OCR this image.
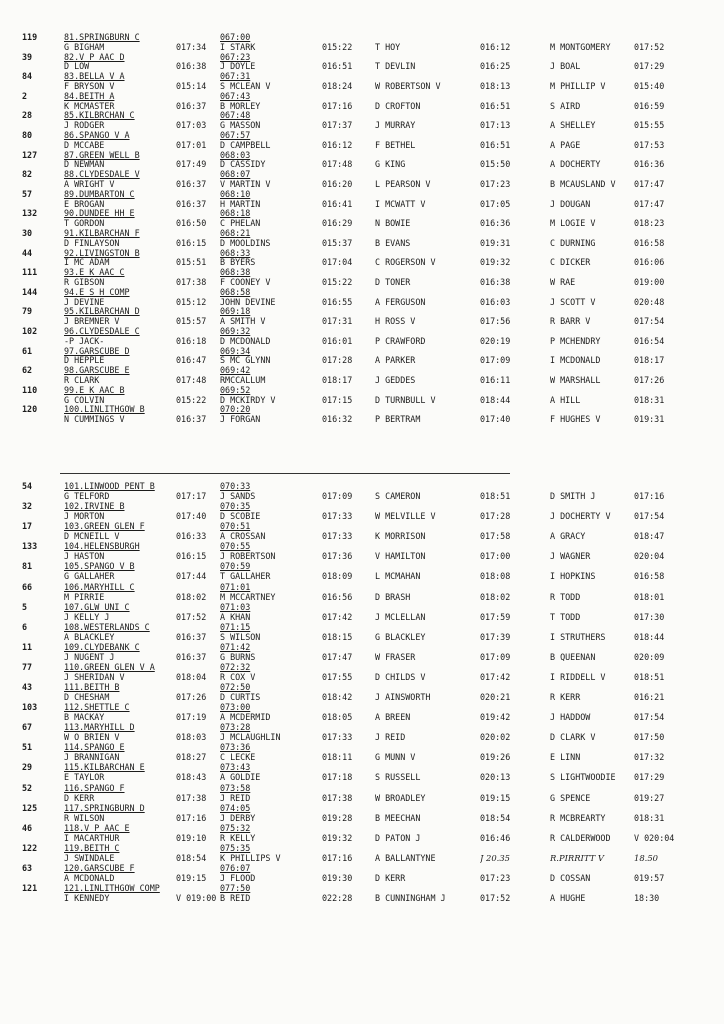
119	81.SPRINGBURN C	067:00
G BIGHAM	017:34	I STARK	015:22	T HOY	016:12	M MONTGOMERY	017:52
39	82.V P AAC D	067:23
D LOW	016:38	J DOYLE	016:51	T DEVLIN	016:25	J BOAL	017:29
84	83.BELLA V A	067:31
F BRYSON V	015:14	S MCLEAN V	018:24	W ROBERTSON V	018:13	M PHILLIP V	015:40
2	84.BEITH A	067:43
K MCMASTER	016:37	B MORLEY	017:16	D CROFTON	016:51	S AIRD	016:59
28	85.KILBRCHAN C	067:48
J RODGER	017:03	G MASSON	017:37	J MURRAY	017:13	A SHELLEY	015:55
80	86.SPANGO V A	067:57
D MCCABE	017:01	D CAMPBELL	016:12	F BETHEL	016:51	A PAGE	017:53
127	87.GREEN WELL B	068:03
D NEWMAN	017:49	D CASSIDY	017:48	G KING	015:50	A DOCHERTY	016:36
82	88.CLYDESDALE V	068:07
A WRIGHT V	016:37	V MARTIN V	016:20	L PEARSON V	017:23	B MCAUSLAND V	017:47
57	89.DUMBARTON C	068:10
E BROGAN	016:37	H MARTIN	016:41	I MCWATT V	017:05	J DOUGAN	017:47
132	90.DUNDEE HH E	068:18
T GORDON	016:50	C PHELAN	016:29	N BOWIE	016:36	M LOGIE V	018:23
30	91.KILBARCHAN F	068:21
D FINLAYSON	016:15	D MOOLDINS	015:37	B EVANS	019:31	C DURNING	016:58
44	92.LIVINGSTON B	068:33
I MC ADAM	015:51	B BYERS	017:04	C ROGERSON V	019:32	C DICKER	016:06
111	93.E K AAC C	068:38
R GIBSON	017:38	F COONEY V	015:22	D TONER	016:38	W RAE	019:00
144	94.E S H COMP	068:58
J DEVINE	015:12	JOHN DEVINE	016:55	A FERGUSON	016:03	J SCOTT V	020:48
79	95.KILBARCHAN D	069:18
J BREMNER V	015:57	A SMITH V	017:31	H ROSS V	017:56	R BARR V	017:54
102	96.CLYDESDALE C	069:32
-P JACK-	016:18	D MCDONALD	016:01	P CRAWFORD	020:19	P MCHENDRY	016:54
61	97.GARSCUBE D	069:34
D HEPPLE	016:47	S MC GLYNN	017:28	A PARKER	017:09	I MCDONALD	018:17
62	98.GARSCUBE E	069:42
R CLARK	017:48	RMCCALLUM	018:17	J GEDDES	016:11	W MARSHALL	017:26
110	99.E K AAC B	069:52
G COLVIN	015:22	D MCKIRDY V	017:15	D TURNBULL V	018:44	A HILL	018:31
120	100.LINLITHGOW B	070:20
N CUMMINGS V	016:37	J FORGAN	016:32	P BERTRAM	017:40	F HUGHES V	019:31
54	101.LINWOOD PENT B	070:33
G TELFORD	017:17	J SANDS	017:09	S CAMERON	018:51	D SMITH J	017:16
32	102.IRVINE B	070:35
J MORTON	017:40	D SCOBIE	017:33	W MELVILLE V	017:28	J DOCHERTY V	017:54
17	103.GREEN GLEN F	070:51
D MCNEILL V	016:33	A CROSSAN	017:33	K MORRISON	017:58	A GRACY	018:47
133	104.HELENSBURGH	070:55
J HASTON	016:15	J ROBERTSON	017:36	V HAMILTON	017:00	J WAGNER	020:04
81	105.SPANGO V B	070:59
G GALLAHER	017:44	T GALLAHER	018:09	L MCMAHAN	018:08	I HOPKINS	016:58
66	106.MARYHILL C	071:01
M PIRRIE	018:02	M MCCARTNEY	016:56	D BRASH	018:02	R TODD	018:01
5	107.GLW UNI C	071:03
J KELLY J	017:52	A KHAN	017:42	J MCLELLAN	017:59	T TODD	017:30
6	108.WESTERLANDS C	071:15
A BLACKLEY	016:37	S WILSON	018:15	G BLACKLEY	017:39	I STRUTHERS	018:44
11	109.CLYDEBANK C	071:42
J NUGENT J	016:37	G BURNS	017:47	W FRASER	017:09	B QUEENAN	020:09
77	110.GREEN GLEN V A	072:32
J SHERIDAN V	018:04	R COX V	017:55	D CHILDS V	017:42	I RIDDELL V	018:51
43	111.BEITH B	072:50
D CHESHAM	017:26	D CURTIS	018:42	J AINSWORTH	020:21	R KERR	016:21
103	112.SHETTLE C	073:00
B MACKAY	017:19	A MCDERMID	018:05	A BREEN	019:42	J HADDOW	017:54
67	113.MARYHILL D	073:28
W O BRIEN V	018:03	J MCLAUGHLIN	017:33	J REID	020:02	D CLARK V	017:50
51	114.SPANGO E	073:36
J BRANNIGAN	018:27	C LECKE	018:11	G MUNN V	019:26	E LINN	017:32
29	115.KILBARCHAN E	073:43
E TAYLOR	018:43	A GOLDIE	017:18	S RUSSELL	020:13	S LIGHTWOODIE	017:29
52	116.SPANGO F	073:58
D KERR	017:38	J REID	017:38	W BROADLEY	019:15	G SPENCE	019:27
125	117.SPRINGBURN D	074:05
R WILSON	017:16	J DERBY	019:28	B MEECHAN	018:54	R MCBREARTY	018:31
46	118.V P AAC E	075:32
I MACARTHUR	019:10	R KELLY	019:32	D PATON J	016:46	R CALDERWOOD	V 020:04
122	119.BEITH C	075:35
J SWINDALE	018:54	K PHILLIPS V	017:16	A BALLANTYNE	J 20.35	R.PIRRITT V	18.50
63	120.GARSCUBE F	076:07
A MCDONALD	019:15	J FLOOD	019:30	D KERR	017:23	D COSSAN	019:57
121	121.LINLITHGOW COMP	077:50
I KENNEDY	V 019:00 B REID	022:28	B CUNNINGHAM J	017:52	A HUGHE	18:30
